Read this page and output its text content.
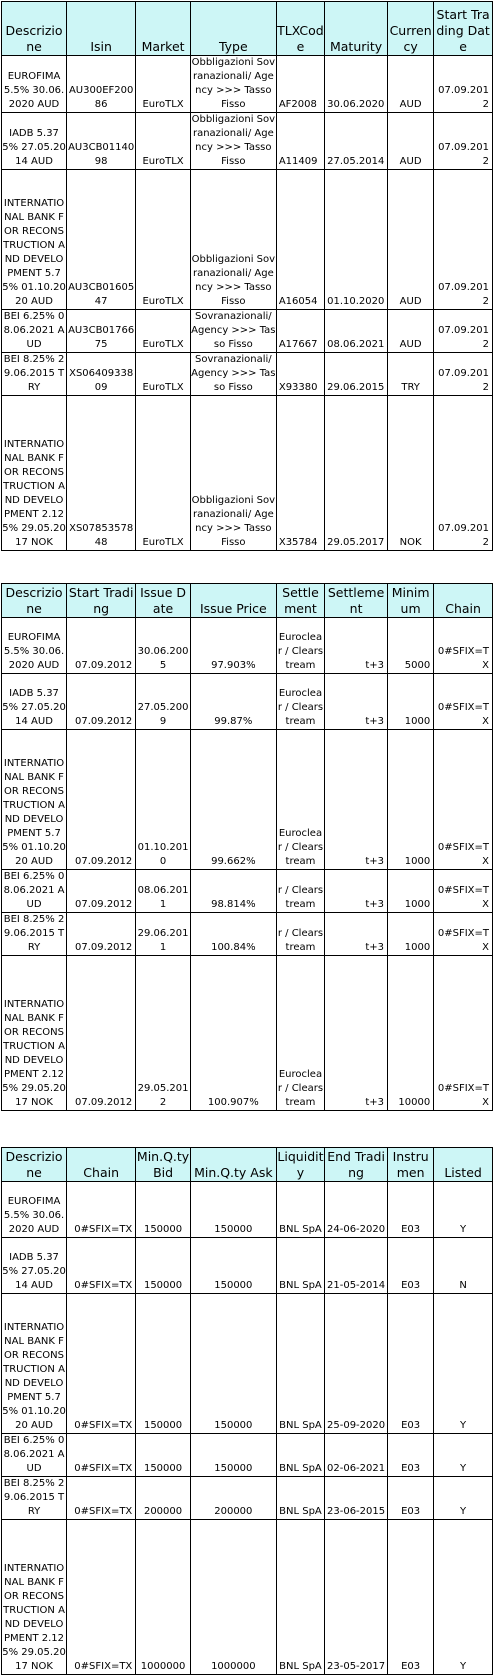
Descrizione	Isin	Market	Type	TLXCode	Maturity	Currency	Start Trading Date
EUROFIMA 5.5% 30.06.2020 AUD	AU300EF20086	EuroTLX	Obbligazioni Sovranazionali/ Agency >>> Tasso Fisso	AF2008	30.06.2020	AUD	07.09.2012
IADB 5.375% 27.05.2014 AUD	AU3CB0114098	EuroTLX	Obbligazioni Sovranazionali/ Agency >>> Tasso Fisso	A11409	27.05.2014	AUD	07.09.2012
INTERNATIONAL BANK FOR RECONSTRUCTION AND DEVELOPMENT 5.75% 01.10.2020 AUD	AU3CB0160547	EuroTLX	Obbligazioni Sovranazionali/ Agency >>> Tasso Fisso	A16054	01.10.2020	AUD	07.09.2012
BEI 6.25% 08.06.2021 AUD	AU3CB0176675	EuroTLX	Sovranazionali/ Agency >>> Tasso Fisso	A17667	08.06.2021	AUD	07.09.2012
BEI 8.25% 29.06.2015 TRY	XS0640933809	EuroTLX	Sovranazionali/ Agency >>> Tasso Fisso	X93380	29.06.2015	TRY	07.09.2012
INTERNATIONAL BANK FOR RECONSTRUCTION AND DEVELOPMENT 2.125% 29.05.2017 NOK	XS0785357848	EuroTLX	Obbligazioni Sovranazionali/ Agency >>> Tasso Fisso	X35784	29.05.2017	NOK	07.09.2012
Descrizione	Start Trading	Issue Date	Issue Price	Settlement	Settlement	Minimum	Chain
EUROFIMA 5.5% 30.06.2020 AUD	07.09.2012	30.06.2005	97.903%	Euroclear / Clearstream	t+3	5000	0#SFIX=TX
IADB 5.375% 27.05.2014 AUD	07.09.2012	27.05.2009	99.87%	Euroclear / Clearstream	t+3	1000	0#SFIX=TX
INTERNATIONAL BANK FOR RECONSTRUCTION AND DEVELOPMENT 5.75% 01.10.2020 AUD	07.09.2012	01.10.2010	99.662%	Euroclear / Clearstream	t+3	1000	0#SFIX=TX
BEI 6.25% 08.06.2021 AUD	07.09.2012	08.06.2011	98.814%	r / Clearstream	t+3	1000	0#SFIX=TX
BEI 8.25% 29.06.2015 TRY	07.09.2012	29.06.2011	100.84%	r / Clearstream	t+3	1000	0#SFIX=TX
INTERNATIONAL BANK FOR RECONSTRUCTION AND DEVELOPMENT 2.125% 29.05.2017 NOK	07.09.2012	29.05.2012	100.907%	Euroclear / Clearstream	t+3	10000	0#SFIX=TX
Descrizione	Chain	Min.Q.ty Bid	Min.Q.ty Ask	Liquidity	End Trading	Instrumen	Listed
EUROFIMA 5.5% 30.06.2020 AUD	0#SFIX=TX	150000	150000	BNL SpA	24-06-2020	E03	Y
IADB 5.375% 27.05.2014 AUD	0#SFIX=TX	150000	150000	BNL SpA	21-05-2014	E03	N
INTERNATIONAL BANK FOR RECONSTRUCTION AND DEVELOPMENT 5.75% 01.10.2020 AUD	0#SFIX=TX	150000	150000	BNL SpA	25-09-2020	E03	Y
BEI 6.25% 08.06.2021 AUD	0#SFIX=TX	150000	150000	BNL SpA	02-06-2021	E03	Y
BEI 8.25% 29.06.2015 TRY	0#SFIX=TX	200000	200000	BNL SpA	23-06-2015	E03	Y
INTERNATIONAL BANK FOR RECONSTRUCTION AND DEVELOPMENT 2.125% 29.05.2017 NOK	0#SFIX=TX	1000000	1000000	BNL SpA	23-05-2017	E03	Y
